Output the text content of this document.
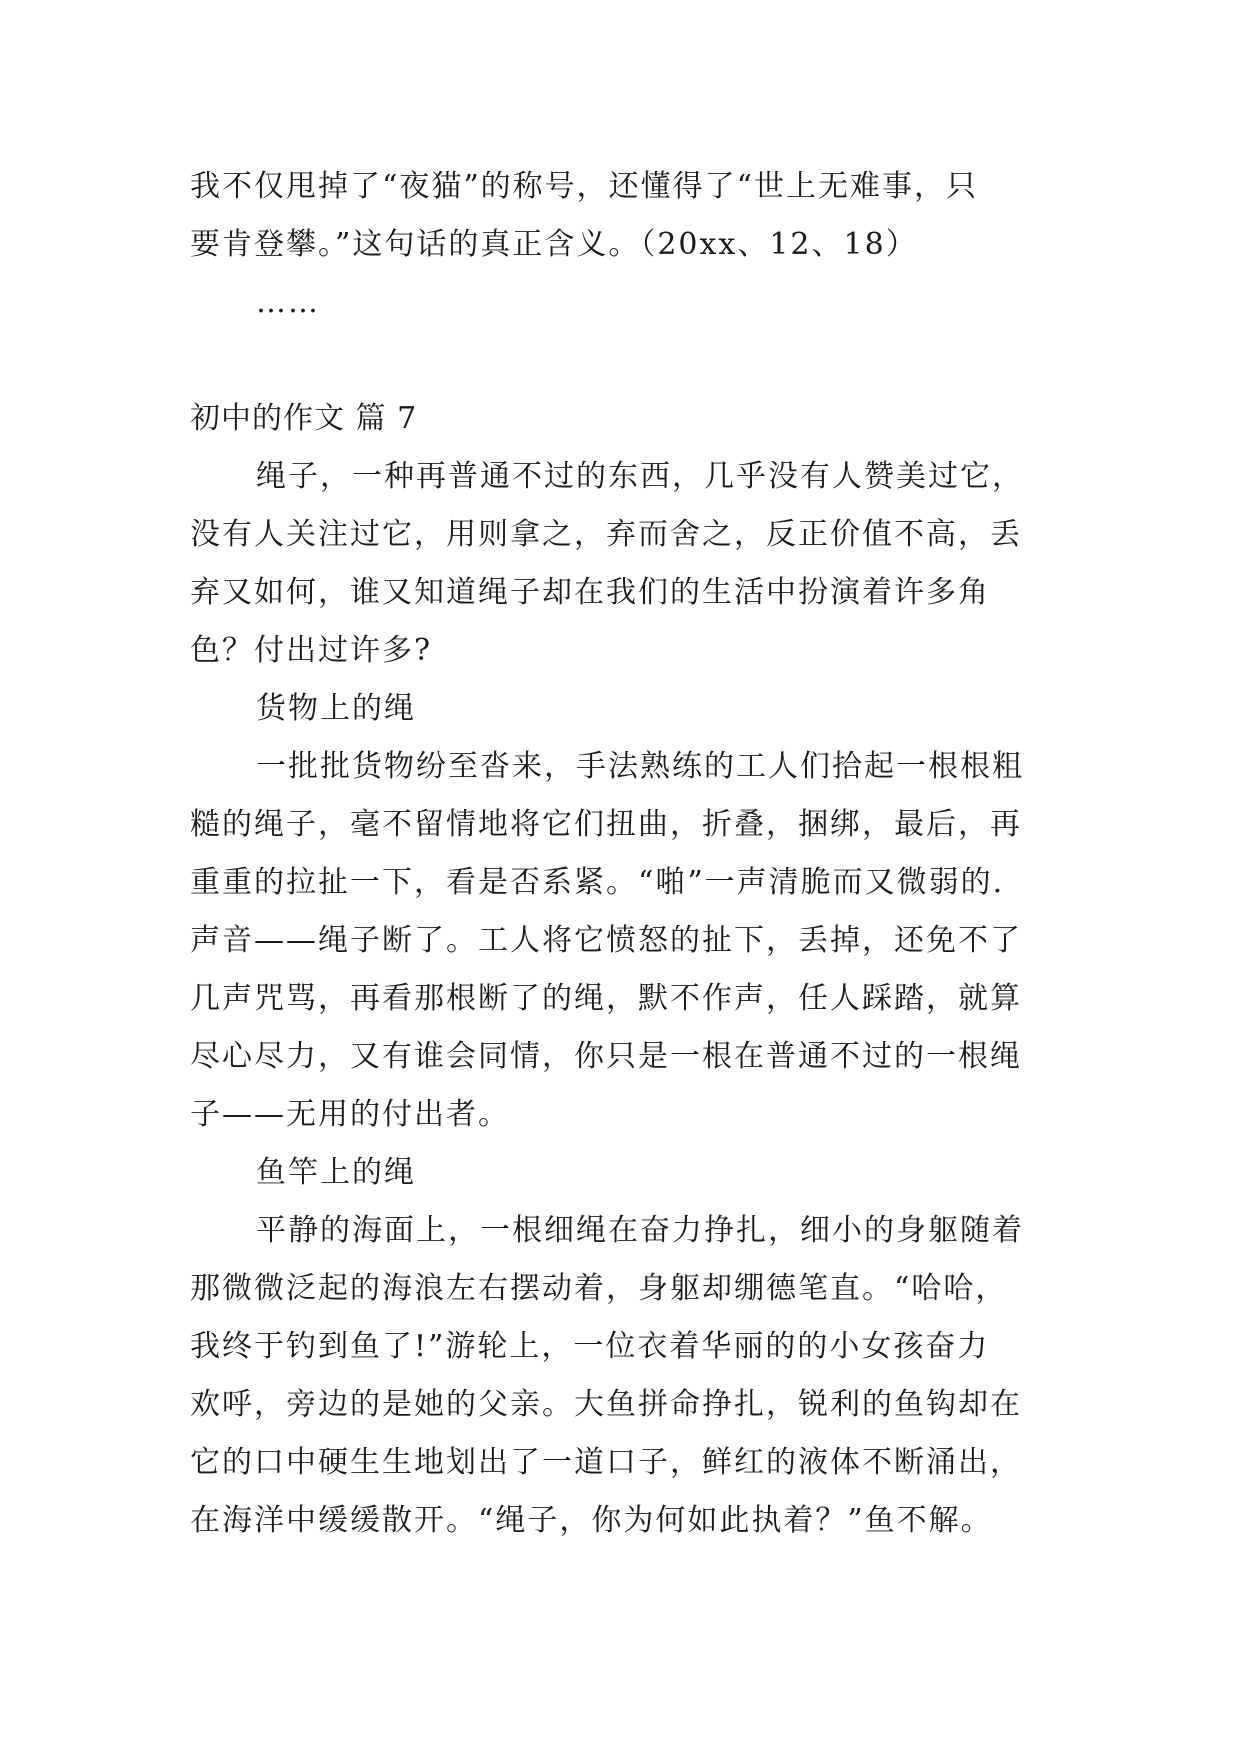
我不仅甩掉了“夜猫”的称号，还懂得了“世上无难事，只
要肯登攀。”这句话的真正含义。（20xx、12、18）
……
初中的作文 篇 7
绳子，一种再普通不过的东西，几乎没有人赞美过它，
没有人关注过它，用则拿之，弃而舍之，反正价值不高，丢
弃又如何，谁又知道绳子却在我们的生活中扮演着许多角
色？付出过许多?
货物上的绳
一批批货物纷至沓来，手法熟练的工人们拾起一根根粗
糙的绳子，毫不留情地将它们扭曲，折叠，捆绑，最后，再
重重的拉扯一下，看是否系紧。“啪”一声清脆而又微弱的.
声音——绳子断了。工人将它愤怒的扯下，丢掉，还免不了
几声咒骂，再看那根断了的绳，默不作声，任人踩踏，就算
尽心尽力，又有谁会同情，你只是一根在普通不过的一根绳
子——无用的付出者。
鱼竿上的绳
平静的海面上，一根细绳在奋力挣扎，细小的身躯随着
那微微泛起的海浪左右摆动着，身躯却绷德笔直。“哈哈，
我终于钓到鱼了!”游轮上，一位衣着华丽的的小女孩奋力
欢呼，旁边的是她的父亲。大鱼拼命挣扎，锐利的鱼钩却在
它的口中硬生生地划出了一道口子，鲜红的液体不断涌出，
在海洋中缓缓散开。“绳子，你为何如此执着？”鱼不解。
